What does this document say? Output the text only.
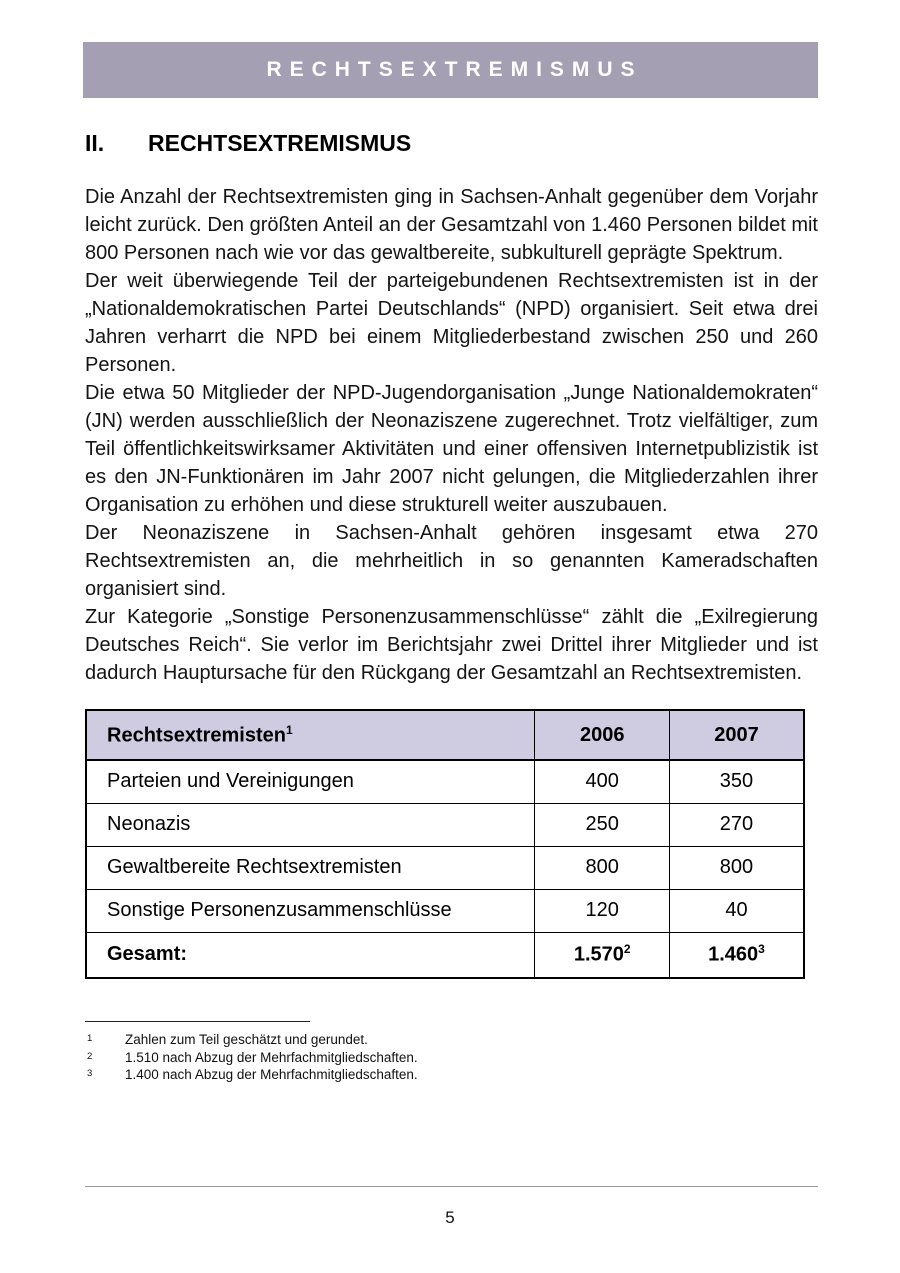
RECHTSEXTREMISMUS
II.	RECHTSEXTREMISMUS

Die Anzahl der Rechtsextremisten ging in Sachsen-Anhalt gegenüber dem Vorjahr leicht zurück. Den größten Anteil an der Gesamtzahl von 1.460 Personen bildet mit 800 Personen nach wie vor das gewaltbereite, subkulturell geprägte Spektrum.

Der weit überwiegende Teil der parteigebundenen Rechtsextremisten ist in der „Nationaldemokratischen Partei Deutschlands“ (NPD) organisiert. Seit etwa drei Jahren verharrt die NPD bei einem Mitgliederbestand zwischen 250 und 260 Personen.

Die etwa 50 Mitglieder der NPD-Jugendorganisation „Junge Nationaldemokraten“ (JN) werden ausschließlich der Neonaziszene zugerechnet. Trotz vielfältiger, zum Teil öffentlichkeitswirksamer Aktivitäten und einer offensiven Internetpublizistik ist es den JN-Funktionären im Jahr 2007 nicht gelungen, die Mitgliederzahlen ihrer Organisation zu erhöhen und diese strukturell weiter auszubauen.

Der Neonaziszene in Sachsen-Anhalt gehören insgesamt etwa 270 Rechtsextremisten an, die mehrheitlich in so genannten Kameradschaften organisiert sind.

Zur Kategorie „Sonstige Personenzusammenschlüsse“ zählt die „Exilregierung Deutsches Reich“. Sie verlor im Berichtsjahr zwei Drittel ihrer Mitglieder und ist dadurch Hauptursache für den Rückgang der Gesamtzahl an Rechtsextremisten.

Rechtsextremisten$^1$	2006	2007
Parteien und Vereinigungen	400	350
Neonazis	250	270
Gewaltbereite Rechtsextremisten	800	800
Sonstige Personenzusammenschlüsse	120	40
Gesamt:	1.570$^2$	1.460$^3$
1 Zahlen zum Teil geschätzt und gerundet.
2 1.510 nach Abzug der Mehrfachmitgliedschaften.
3 1.400 nach Abzug der Mehrfachmitgliedschaften.
5
